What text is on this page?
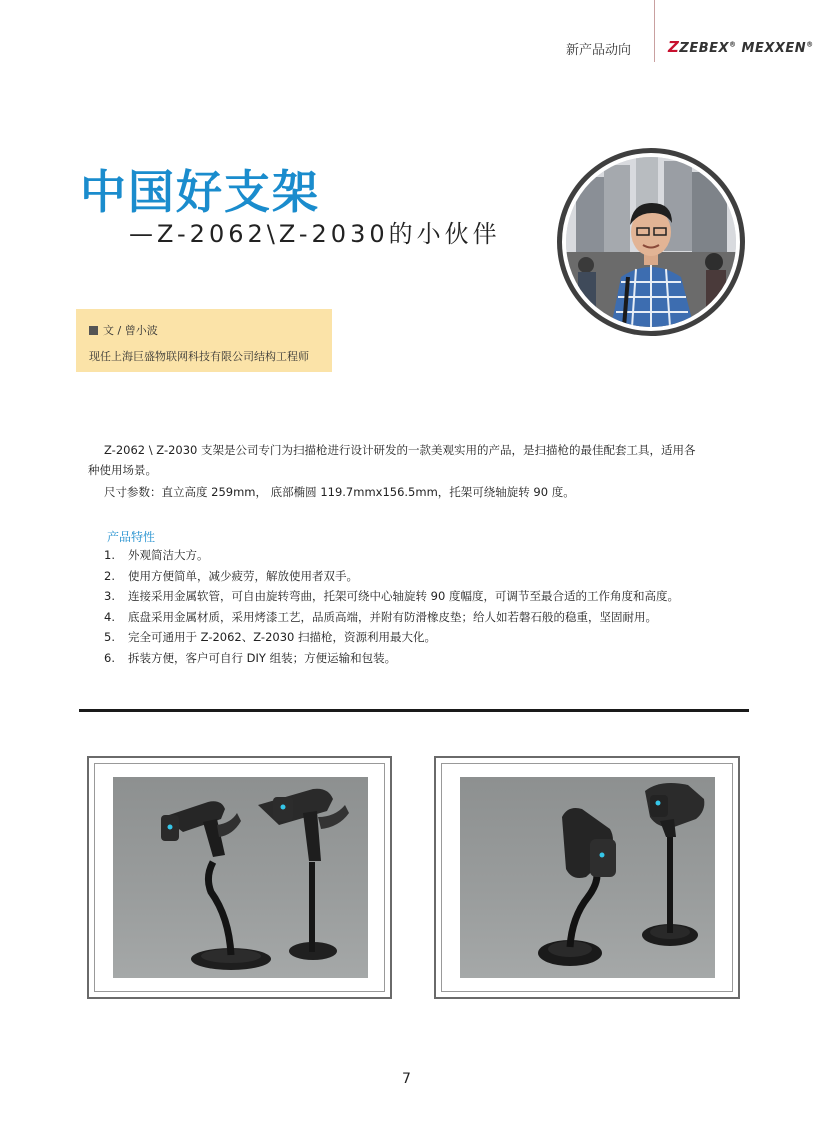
新产品动向 ZZEBEX® MEXXEN®
中国好支架
—Z-2062\Z-2030的小伙伴
文 / 曾小波
现任上海巨盛物联网科技有限公司结构工程师
Z-2062 \ Z-2030 支架是公司专门为扫描枪进行设计研发的一款美观实用的产品，是扫描枪的最佳配套工具，适用各
种使用场景。
尺寸参数：直立高度 259mm， 底部椭圆 119.7mmx156.5mm，托架可绕轴旋转 90 度。
产品特性
1. 外观简洁大方。
2. 使用方便简单，减少疲劳，解放使用者双手。
3. 连接采用金属软管，可自由旋转弯曲，托架可绕中心轴旋转 90 度幅度，可调节至最合适的工作角度和高度。
4. 底盘采用金属材质，采用烤漆工艺，品质高端，并附有防滑橡皮垫；给人如若磐石般的稳重，坚固耐用。
5. 完全可通用于 Z-2062、Z-2030 扫描枪，资源利用最大化。
6. 拆装方便，客户可自行 DIY 组装；方便运输和包装。
7
